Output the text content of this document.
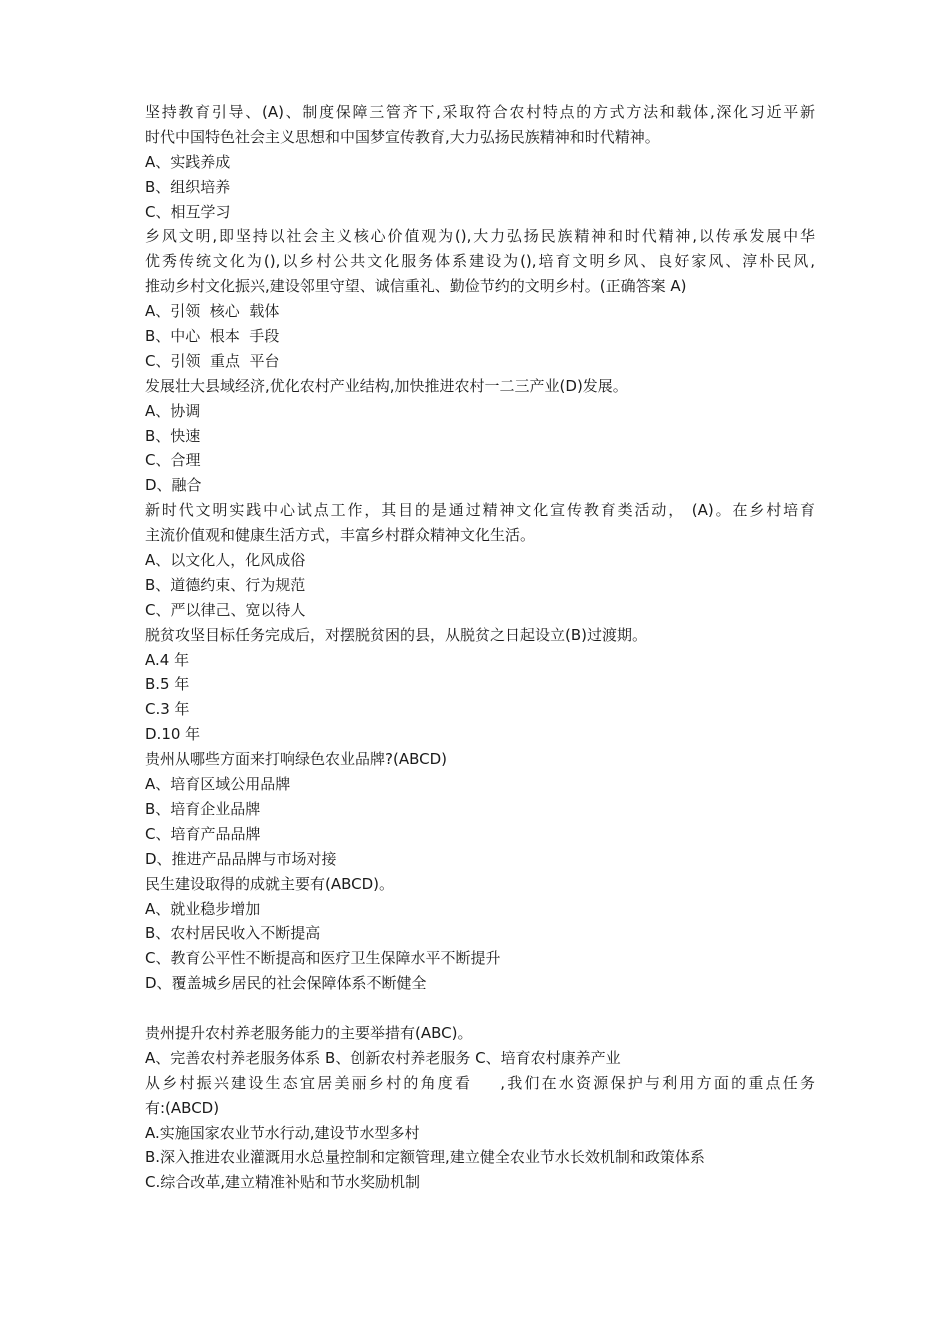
坚持教育引导、(A)、制度保障三管齐下,采取符合农村特点的方式方法和载体,深化习近平新
时代中国特色社会主义思想和中国梦宣传教育,大力弘扬民族精神和时代精神。
A、实践养成
B、组织培养
C、相互学习
乡风文明,即坚持以社会主义核心价值观为(),大力弘扬民族精神和时代精神,以传承发展中华
优秀传统文化为(),以乡村公共文化服务体系建设为(),培育文明乡风、良好家风、淳朴民风,
推动乡村文化振兴,建设邻里守望、诚信重礼、勤俭节约的文明乡村。(正确答案 A)
A、引领  核心  载体
B、中心  根本  手段
C、引领  重点  平台
发展壮大县域经济,优化农村产业结构,加快推进农村一二三产业(D)发展。
A、协调
B、快速
C、合理
D、融合
新时代文明实践中心试点工作，其目的是通过精神文化宣传教育类活动， (A)。在乡村培育
主流价值观和健康生活方式，丰富乡村群众精神文化生活。
A、以文化人，化风成俗
B、道德约束、行为规范
C、严以律己、宽以待人
脱贫攻坚目标任务完成后，对摆脱贫困的县，从脱贫之日起设立(B)过渡期。
A.4 年
B.5 年
C.3 年
D.10 年
贵州从哪些方面来打响绿色农业品牌?(ABCD)
A、培育区域公用品牌
B、培育企业品牌
C、培育产品品牌
D、推进产品品牌与市场对接
民生建设取得的成就主要有(ABCD)。
A、就业稳步增加
B、农村居民收入不断提高
C、教育公平性不断提高和医疗卫生保障水平不断提升
D、覆盖城乡居民的社会保障体系不断健全
贵州提升农村养老服务能力的主要举措有(ABC)。
A、完善农村养老服务体系 B、创新农村养老服务 C、培育农村康养产业
从乡村振兴建设生态宜居美丽乡村的角度看    ,我们在水资源保护与利用方面的重点任务
有:(ABCD)
A.实施国家农业节水行动,建设节水型多村
B.深入推进农业灌溉用水总量控制和定额管理,建立健全农业节水长效机制和政策体系
C.综合改革,建立精准补贴和节水奖励机制
